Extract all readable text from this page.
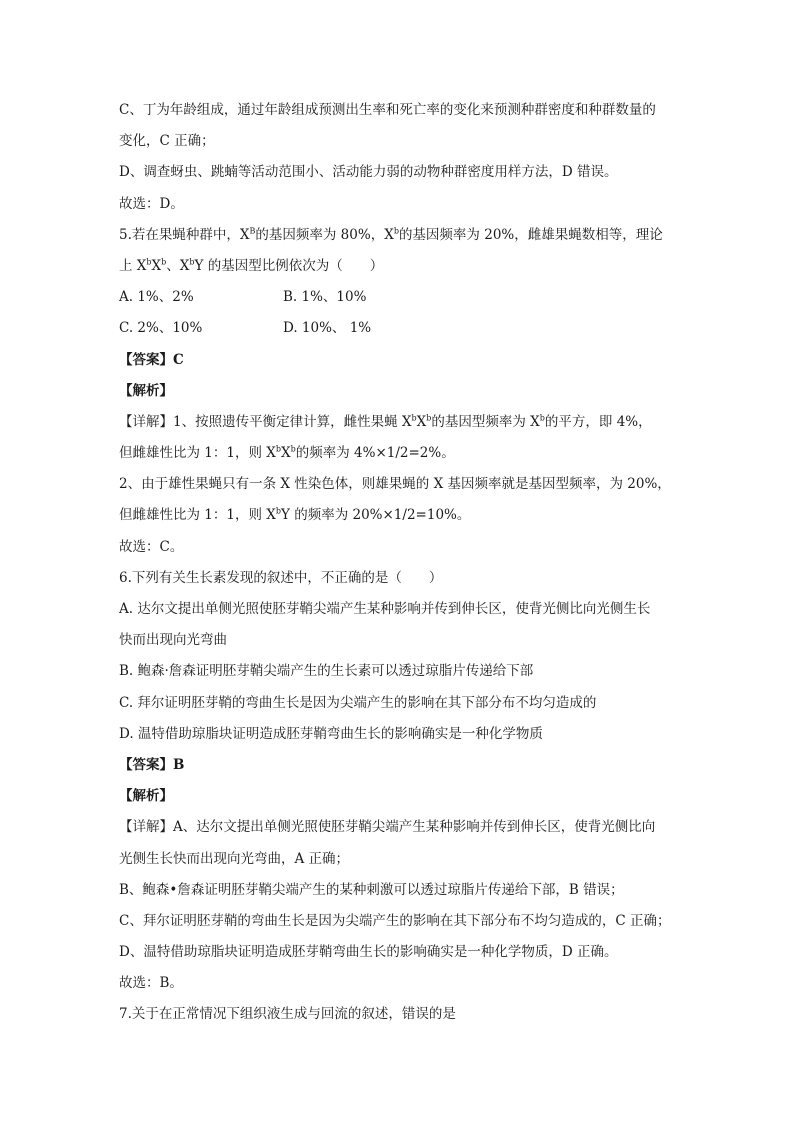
C、丁为年龄组成，通过年龄组成预测出生率和死亡率的变化来预测种群密度和种群数量的
变化，C 正确；
D、调查蚜虫、跳蝻等活动范围小、活动能力弱的动物种群密度用样方法，D 错误。
故选：D。
5.若在果蝇种群中，$X^B$的基因频率为 80%，$X^b$的基因频率为 20%，雌雄果蝇数相等，理论
上 $X^bX^b$、$X^bY$ 的基因型比例依次为（　　）
A. 1%、2%	B. 1%、10%
C. 2%、10%	D. 10%、 1%
【答案】C
【解析】
【详解】1、按照遗传平衡定律计算，雌性果蝇 $X^bX^b$的基因型频率为 $X^b$的平方，即 4%，
但雌雄性比为 1：1，则 $X^bX^b$的频率为 4%×1/2=2%。
2、由于雄性果蝇只有一条 X 性染色体，则雄果蝇的 X 基因频率就是基因型频率，为 20%，
但雌雄性比为 1：1，则 $X^bY$ 的频率为 20%×1/2=10%。
故选：C。
6.下列有关生长素发现的叙述中，不正确的是（　　）
A. 达尔文提出单侧光照使胚芽鞘尖端产生某种影响并传到伸长区，使背光侧比向光侧生长
快而出现向光弯曲
B. 鲍森·詹森证明胚芽鞘尖端产生的生长素可以透过琼脂片传递给下部
C. 拜尔证明胚芽鞘的弯曲生长是因为尖端产生的影响在其下部分布不均匀造成的
D. 温特借助琼脂块证明造成胚芽鞘弯曲生长的影响确实是一种化学物质
【答案】B
【解析】
【详解】A、达尔文提出单侧光照使胚芽鞘尖端产生某种影响并传到伸长区，使背光侧比向
光侧生长快而出现向光弯曲，A 正确；
B、鲍森•詹森证明胚芽鞘尖端产生的某种刺激可以透过琼脂片传递给下部，B 错误；
C、拜尔证明胚芽鞘的弯曲生长是因为尖端产生的影响在其下部分布不均匀造成的，C 正确；
D、温特借助琼脂块证明造成胚芽鞘弯曲生长的影响确实是一种化学物质，D 正确。
故选：B。
7.关于在正常情况下组织液生成与回流的叙述，错误的是
